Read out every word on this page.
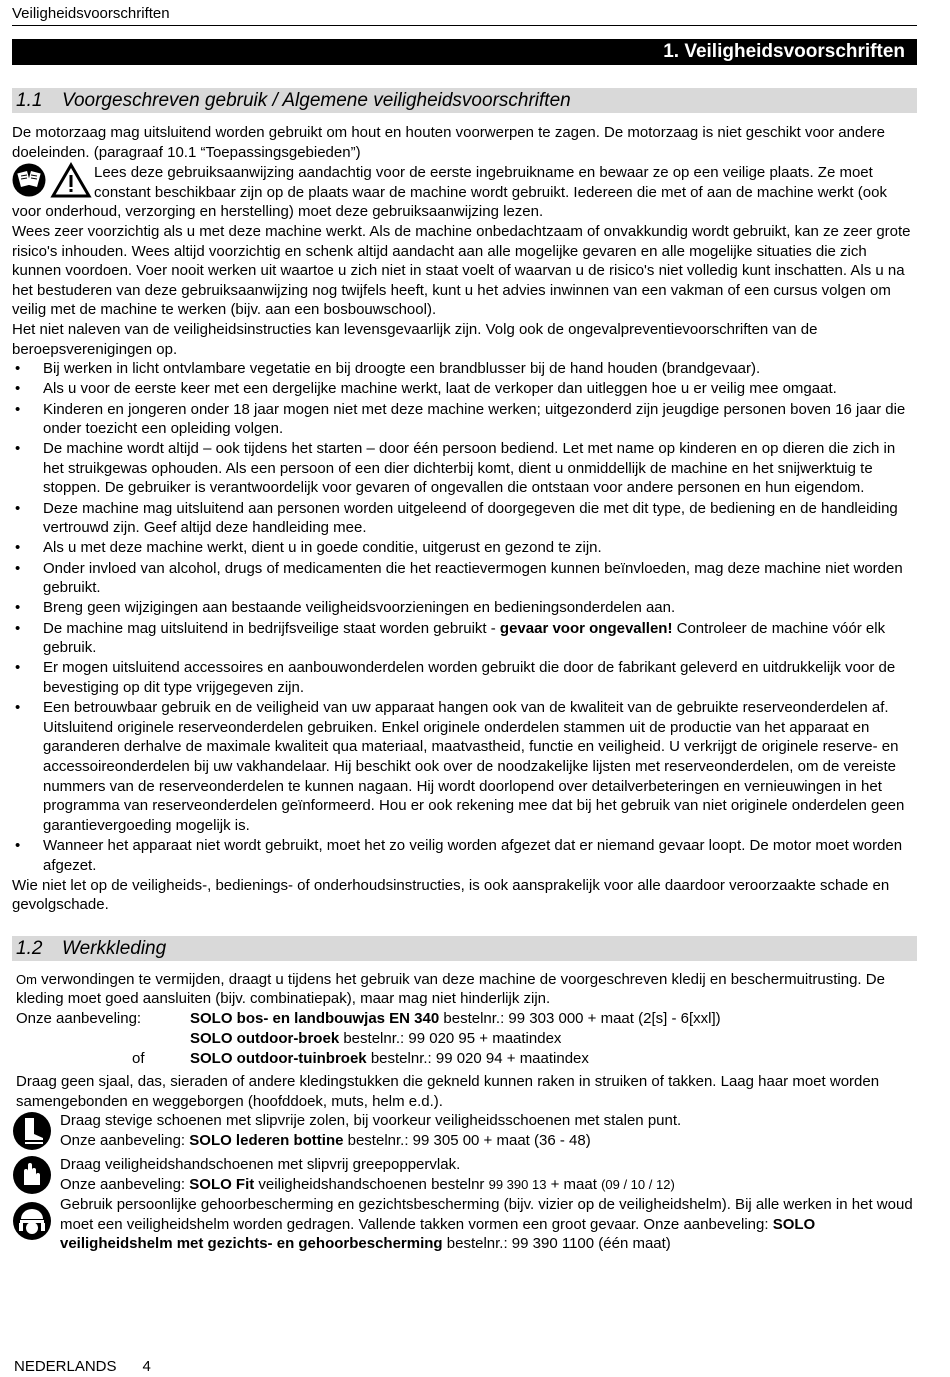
Veiligheidsvoorschriften
1. Veiligheidsvoorschriften
1.1 Voorgeschreven gebruik / Algemene veiligheidsvoorschriften

De motorzaag mag uitsluitend worden gebruikt om hout en houten voorwerpen te zagen. De motorzaag is niet geschikt voor andere doeleinden. (paragraaf 10.1 “Toepassingsgebieden”)

Lees deze gebruiksaanwijzing aandachtig voor de eerste ingebruikname en bewaar ze op een veilige plaats. Ze moet constant beschikbaar zijn op de plaats waar de machine wordt gebruikt. Iedereen die met of aan de machine werkt (ook voor onderhoud, verzorging en herstelling) moet deze gebruiksaanwijzing lezen.

Wees zeer voorzichtig als u met deze machine werkt. Als de machine onbedachtzaam of onvakkundig wordt gebruikt, kan ze zeer grote risico's inhouden. Wees altijd voorzichtig en schenk altijd aandacht aan alle mogelijke gevaren en alle mogelijke situaties die zich kunnen voordoen. Voer nooit werken uit waartoe u zich niet in staat voelt of waarvan u de risico's niet volledig kunt inschatten. Als u na het bestuderen van deze gebruiksaanwijzing nog twijfels heeft, kunt u het advies inwinnen van een vakman of een cursus volgen om veilig met de machine te werken (bijv. aan een bosbouwschool).

Het niet naleven van de veiligheidsinstructies kan levensgevaarlijk zijn. Volg ook de ongevalpreventievoorschriften van de beroepsverenigingen op.

• Bij werken in licht ontvlambare vegetatie en bij droogte een brandblusser bij de hand houden (brandgevaar).
• Als u voor de eerste keer met een dergelijke machine werkt, laat de verkoper dan uitleggen hoe u er veilig mee omgaat.
• Kinderen en jongeren onder 18 jaar mogen niet met deze machine werken; uitgezonderd zijn jeugdige personen boven 16 jaar die onder toezicht een opleiding volgen.
• De machine wordt altijd – ook tijdens het starten – door één persoon bediend. Let met name op kinderen en op dieren die zich in het struikgewas ophouden. Als een persoon of een dier dichterbij komt, dient u onmiddellijk de machine en het snijwerktuig te stoppen. De gebruiker is verantwoordelijk voor gevaren of ongevallen die ontstaan voor andere personen en hun eigendom.
• Deze machine mag uitsluitend aan personen worden uitgeleend of doorgegeven die met dit type, de bediening en de handleiding vertrouwd zijn. Geef altijd deze handleiding mee.
• Als u met deze machine werkt, dient u in goede conditie, uitgerust en gezond te zijn.
• Onder invloed van alcohol, drugs of medicamenten die het reactievermogen kunnen beïnvloeden, mag deze machine niet worden gebruikt.
• Breng geen wijzigingen aan bestaande veiligheidsvoorzieningen en bedieningsonderdelen aan.
• De machine mag uitsluitend in bedrijfsveilige staat worden gebruikt - gevaar voor ongevallen! Controleer de machine vóór elk gebruik.
• Er mogen uitsluitend accessoires en aanbouwonderdelen worden gebruikt die door de fabrikant geleverd en uitdrukkelijk voor de bevestiging op dit type vrijgegeven zijn.
• Een betrouwbaar gebruik en de veiligheid van uw apparaat hangen ook van de kwaliteit van de gebruikte reserveonderdelen af. Uitsluitend originele reserveonderdelen gebruiken. Enkel originele onderdelen stammen uit de productie van het apparaat en garanderen derhalve de maximale kwaliteit qua materiaal, maatvastheid, functie en veiligheid. U verkrijgt de originele reserve- en accessoireonderdelen bij uw vakhandelaar. Hij beschikt ook over de noodzakelijke lijsten met reserveonderdelen, om de vereiste nummers van de reserveonderdelen te kunnen nagaan. Hij wordt doorlopend over detailverbeteringen en vernieuwingen in het programma van reserveonderdelen geïnformeerd. Hou er ook rekening mee dat bij het gebruik van niet originele onderdelen geen garantievergoeding mogelijk is.
• Wanneer het apparaat niet wordt gebruikt, moet het zo veilig worden afgezet dat er niemand gevaar loopt. De motor moet worden afgezet.

Wie niet let op de veiligheids-, bedienings- of onderhoudsinstructies, is ook aansprakelijk voor alle daardoor veroorzaakte schade en gevolgschade.

1.2 Werkkleding

Om verwondingen te vermijden, draagt u tijdens het gebruik van deze machine de voorgeschreven kledij en beschermuitrusting. De kleding moet goed aansluiten (bijv. combinatiepak), maar mag niet hinderlijk zijn.

Onze aanbeveling:	SOLO bos- en landbouwjas EN 340 bestelnr.: 99 303 000 + maat (2[s] - 6[xxl])
SOLO outdoor-broek bestelnr.: 99 020 95 + maatindex
of	SOLO outdoor-tuinbroek bestelnr.: 99 020 94 + maatindex

Draag geen sjaal, das, sieraden of andere kledingstukken die gekneld kunnen raken in struiken of takken. Laag haar moet worden samengebonden en weggeborgen (hoofddoek, muts, helm e.d.).

Draag stevige schoenen met slipvrije zolen, bij voorkeur veiligheidsschoenen met stalen punt.

Onze aanbeveling: SOLO lederen bottine bestelnr.: 99 305 00 + maat (36 - 48)

Draag veiligheidshandschoenen met slipvrij greepoppervlak.

Onze aanbeveling: SOLO Fit veiligheidshandschoenen bestelnr 99 390 13 + maat (09 / 10 / 12)

Gebruik persoonlijke gehoorbescherming en gezichtsbescherming (bijv. vizier op de veiligheidshelm). Bij alle werken in het woud moet een veiligheidshelm worden gedragen. Vallende takken vormen een groot gevaar. Onze aanbeveling: SOLO veiligheidshelm met gezichts- en gehoorbescherming bestelnr.: 99 390 1100 (één maat)

NEDERLANDS 4
